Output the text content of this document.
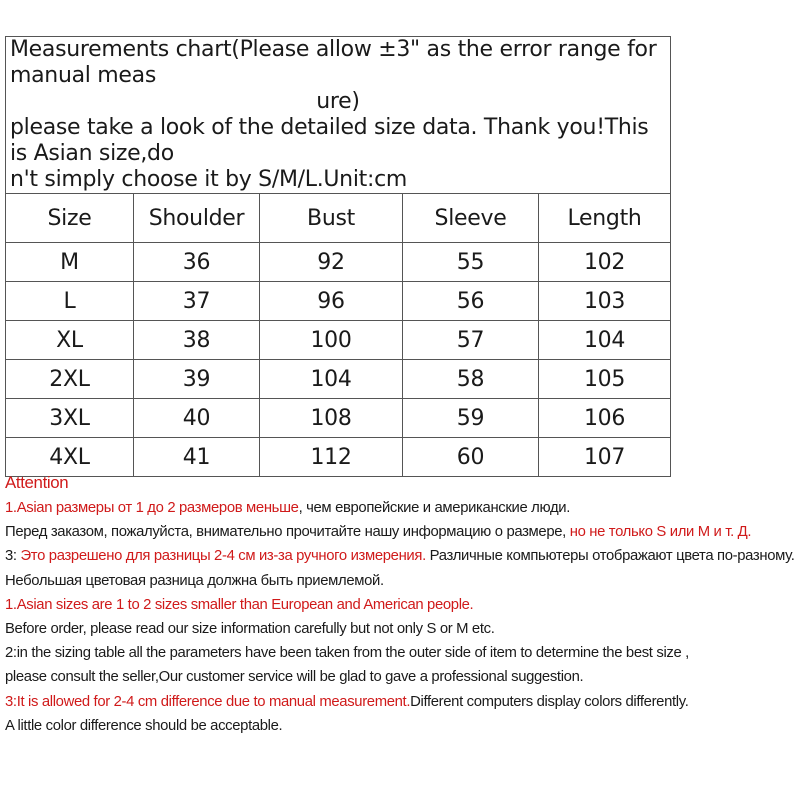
Measurements chart(Please allow ±3" as the error range for manual meas
ure)
please take a look of the detailed size data. Thank you!This is Asian size,do
n't simply choose it by S/M/L.Unit:cm				

Size	Shoulder	Bust	Sleeve	Length
M	36	92	55	102
L	37	96	56	103
XL	38	100	57	104
2XL	39	104	58	105
3XL	40	108	59	106
4XL	41	112	60	107
Attention
1.Asian размеры от 1 до 2 размеров меньше, чем европейские и американские люди.
Перед заказом, пожалуйста, внимательно прочитайте нашу информацию о размере, но не только S или M и т. Д.
3: Это разрешено для разницы 2-4 см из-за ручного измерения. Различные компьютеры отображают цвета по-разному.
Небольшая цветовая разница должна быть приемлемой.
1.Asian sizes are 1 to 2 sizes smaller than European and American people.
Before order, please read our size information carefully but not only S or M etc.
2:in the sizing table all the parameters have been taken from the outer side of item to determine the best size ,
please consult the seller,Our customer service will be glad to gave a professional suggestion.
3:It is allowed for 2-4 cm difference due to manual measurement.Different computers display colors differently.
A little color difference should be acceptable.
